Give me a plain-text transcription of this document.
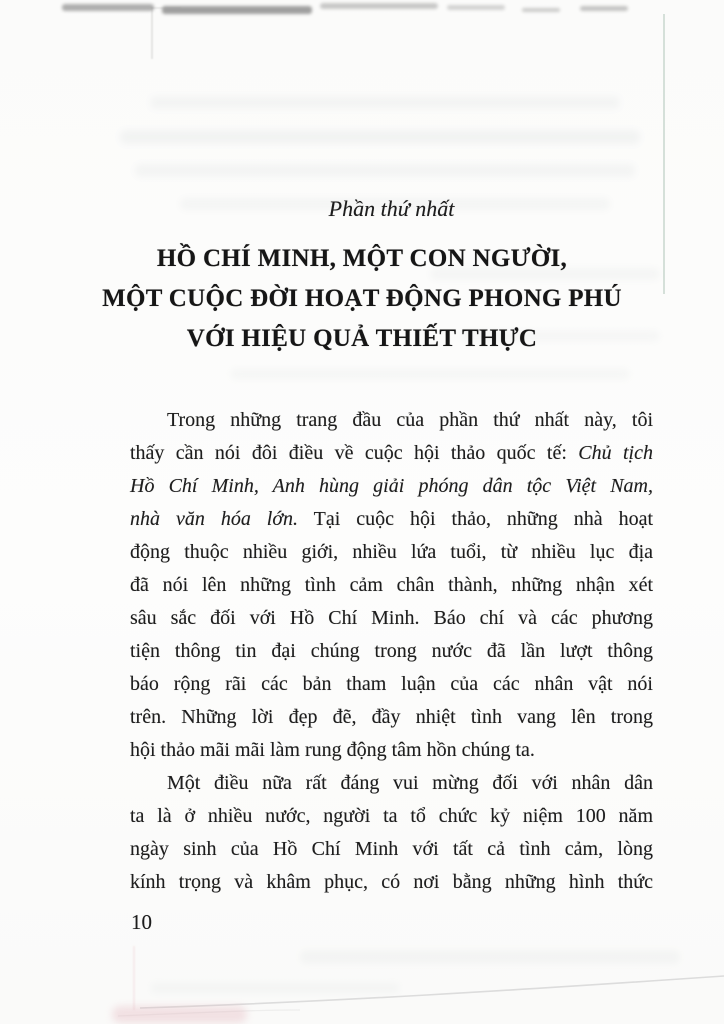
Phần thứ nhất
HỒ CHÍ MINH, MỘT CON NGƯỜI,
MỘT CUỘC ĐỜI HOẠT ĐỘNG PHONG PHÚ
VỚI HIỆU QUẢ THIẾT THỰC
Trong những trang đầu của phần thứ nhất này, tôi
thấy cần nói đôi điều về cuộc hội thảo quốc tế: Chủ tịch
Hồ Chí Minh, Anh hùng giải phóng dân tộc Việt Nam,
nhà văn hóa lớn. Tại cuộc hội thảo, những nhà hoạt
động thuộc nhiều giới, nhiều lứa tuổi, từ nhiều lục địa
đã nói lên những tình cảm chân thành, những nhận xét
sâu sắc đối với Hồ Chí Minh. Báo chí và các phương
tiện thông tin đại chúng trong nước đã lần lượt thông
báo rộng rãi các bản tham luận của các nhân vật nói
trên. Những lời đẹp đẽ, đầy nhiệt tình vang lên trong
hội thảo mãi mãi làm rung động tâm hồn chúng ta.
Một điều nữa rất đáng vui mừng đối với nhân dân
ta là ở nhiều nước, người ta tổ chức kỷ niệm 100 năm
ngày sinh của Hồ Chí Minh với tất cả tình cảm, lòng
kính trọng và khâm phục, có nơi bằng những hình thức
10
